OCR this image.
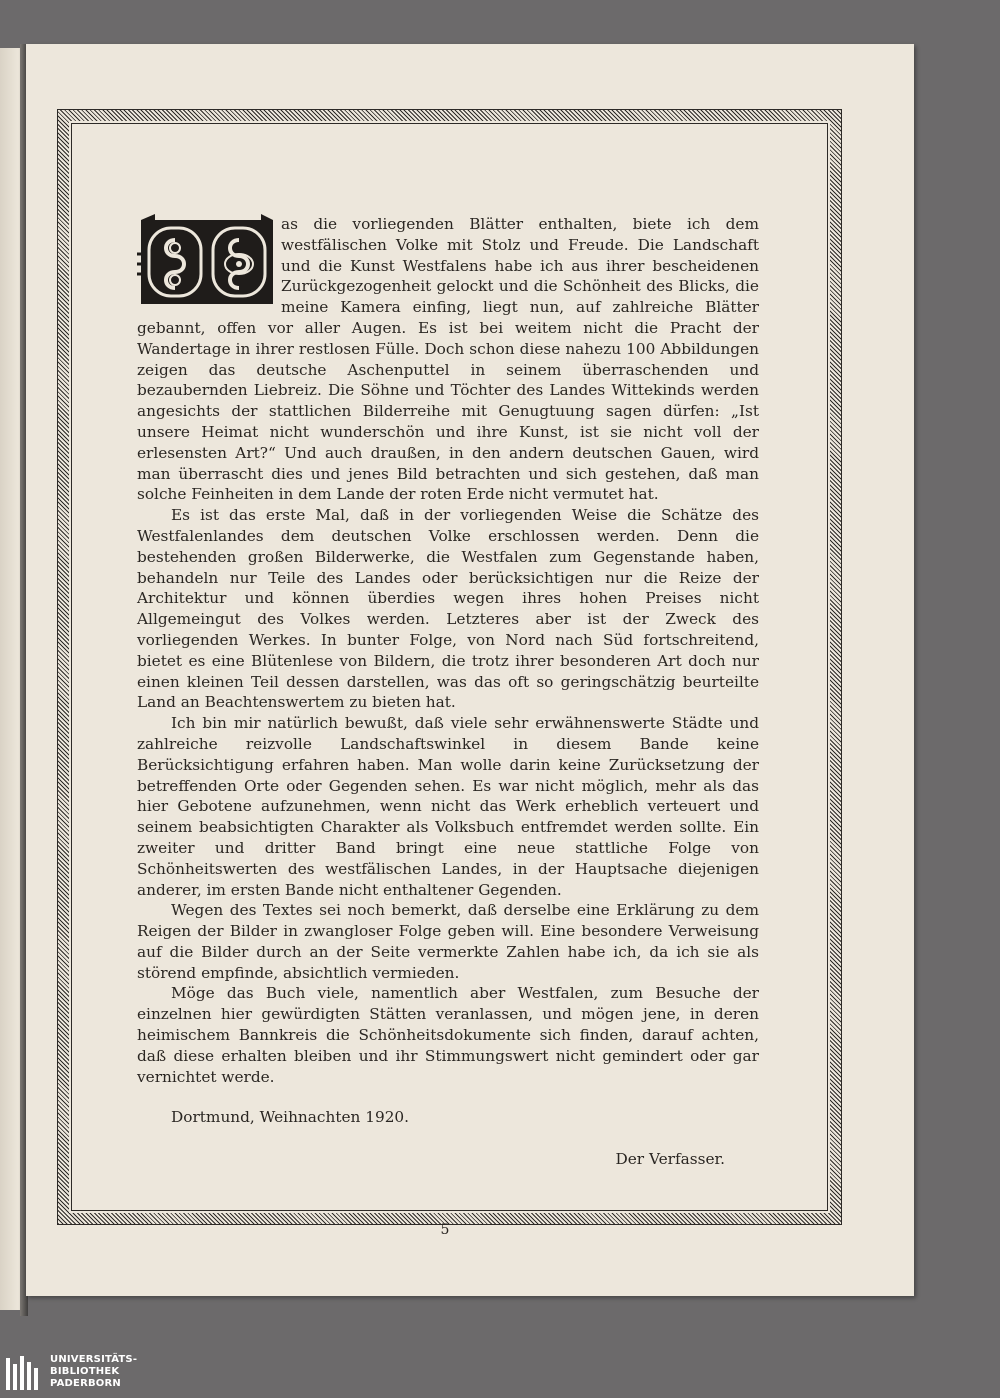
as die vorliegenden Blätter enthalten, biete ich dem westfälischen Volke mit Stolz und Freude. Die Landschaft und die Kunst Westfalens habe ich aus ihrer bescheidenen Zurückgezogenheit gelockt und die Schönheit des Blicks, die meine Kamera einfing, liegt nun, auf zahlreiche Blätter gebannt, offen vor aller Augen. Es ist bei weitem nicht die Pracht der Wandertage in ihrer restlosen Fülle. Doch schon diese nahezu 100 Abbildungen zeigen das deutsche Aschenputtel in seinem überraschenden und bezaubernden Liebreiz. Die Söhne und Töchter des Landes Wittekinds werden angesichts der stattlichen Bilderreihe mit Genugtuung sagen dürfen: „Ist unsere Heimat nicht wunderschön und ihre Kunst, ist sie nicht voll der erlesensten Art?“ Und auch draußen, in den andern deutschen Gauen, wird man überrascht dies und jenes Bild betrachten und sich gestehen, daß man solche Feinheiten in dem Lande der roten Erde nicht vermutet hat.

Es ist das erste Mal, daß in der vorliegenden Weise die Schätze des Westfalenlandes dem deutschen Volke erschlossen werden. Denn die bestehenden großen Bilderwerke, die Westfalen zum Gegenstande haben, behandeln nur Teile des Landes oder berücksichtigen nur die Reize der Architektur und können überdies wegen ihres hohen Preises nicht Allgemeingut des Volkes werden. Letzteres aber ist der Zweck des vorliegenden Werkes. In bunter Folge, von Nord nach Süd fortschreitend, bietet es eine Blütenlese von Bildern, die trotz ihrer besonderen Art doch nur einen kleinen Teil dessen darstellen, was das oft so geringschätzig beurteilte Land an Beachtenswertem zu bieten hat.

Ich bin mir natürlich bewußt, daß viele sehr erwähnenswerte Städte und zahlreiche reizvolle Landschaftswinkel in diesem Bande keine Berücksichtigung erfahren haben. Man wolle darin keine Zurücksetzung der betreffenden Orte oder Gegenden sehen. Es war nicht möglich, mehr als das hier Gebotene aufzunehmen, wenn nicht das Werk erheblich verteuert und seinem beabsichtigten Charakter als Volksbuch entfremdet werden sollte. Ein zweiter und dritter Band bringt eine neue stattliche Folge von Schönheitswerten des westfälischen Landes, in der Hauptsache diejenigen anderer, im ersten Bande nicht enthaltener Gegenden.

Wegen des Textes sei noch bemerkt, daß derselbe eine Erklärung zu dem Reigen der Bilder in zwangloser Folge geben will. Eine besondere Verweisung auf die Bilder durch an der Seite vermerkte Zahlen habe ich, da ich sie als störend empfinde, absichtlich vermieden.

Möge das Buch viele, namentlich aber Westfalen, zum Besuche der einzelnen hier gewürdigten Stätten veranlassen, und mögen jene, in deren heimischem Bannkreis die Schönheitsdokumente sich finden, darauf achten, daß diese erhalten bleiben und ihr Stimmungswert nicht gemindert oder gar vernichtet werde.

Dortmund, Weihnachten 1920.
Der Verfasser.
5
UNIVERSITÄTS-
BIBLIOTHEK
PADERBORN
